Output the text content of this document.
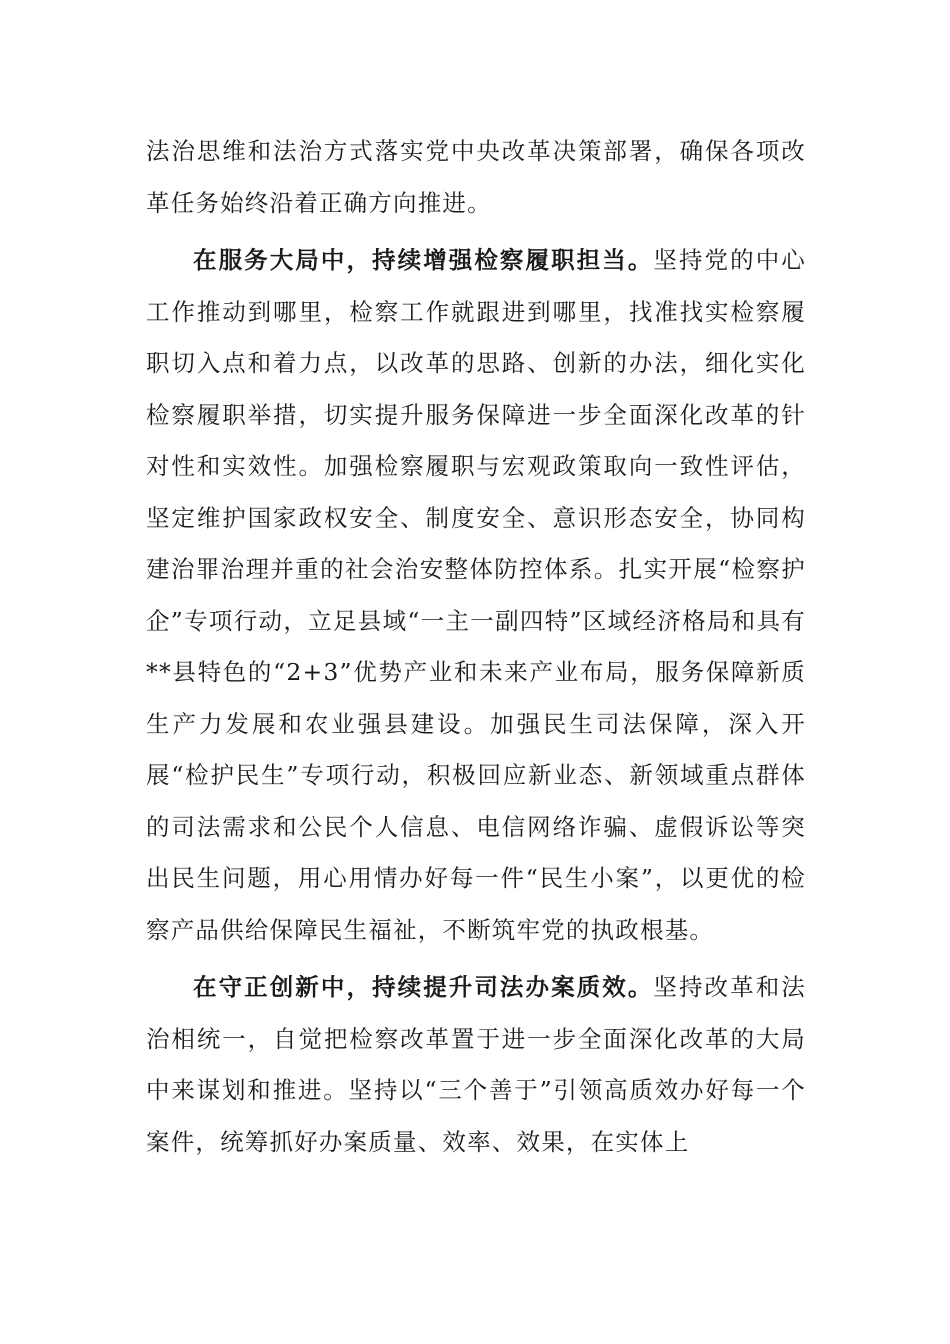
法治思维和法治方式落实党中央改革决策部署，确保各项改革任务始终沿着正确方向推进。

在服务大局中，持续增强检察履职担当。坚持党的中心工作推动到哪里，检察工作就跟进到哪里，找准找实检察履职切入点和着力点，以改革的思路、创新的办法，细化实化检察履职举措，切实提升服务保障进一步全面深化改革的针对性和实效性。加强检察履职与宏观政策取向一致性评估，坚定维护国家政权安全、制度安全、意识形态安全，协同构建治罪治理并重的社会治安整体防控体系。扎实开展“检察护企”专项行动，立足县域“一主一副四特”区域经济格局和具有**县特色的“2+3”优势产业和未来产业布局，服务保障新质生产力发展和农业强县建设。加强民生司法保障，深入开展“检护民生”专项行动，积极回应新业态、新领域重点群体的司法需求和公民个人信息、电信网络诈骗、虚假诉讼等突出民生问题，用心用情办好每一件“民生小案”，以更优的检察产品供给保障民生福祉，不断筑牢党的执政根基。

在守正创新中，持续提升司法办案质效。坚持改革和法治相统一，自觉把检察改革置于进一步全面深化改革的大局中来谋划和推进。坚持以“三个善于”引领高质效办好每一个案件，统筹抓好办案质量、效率、效果，在实体上
